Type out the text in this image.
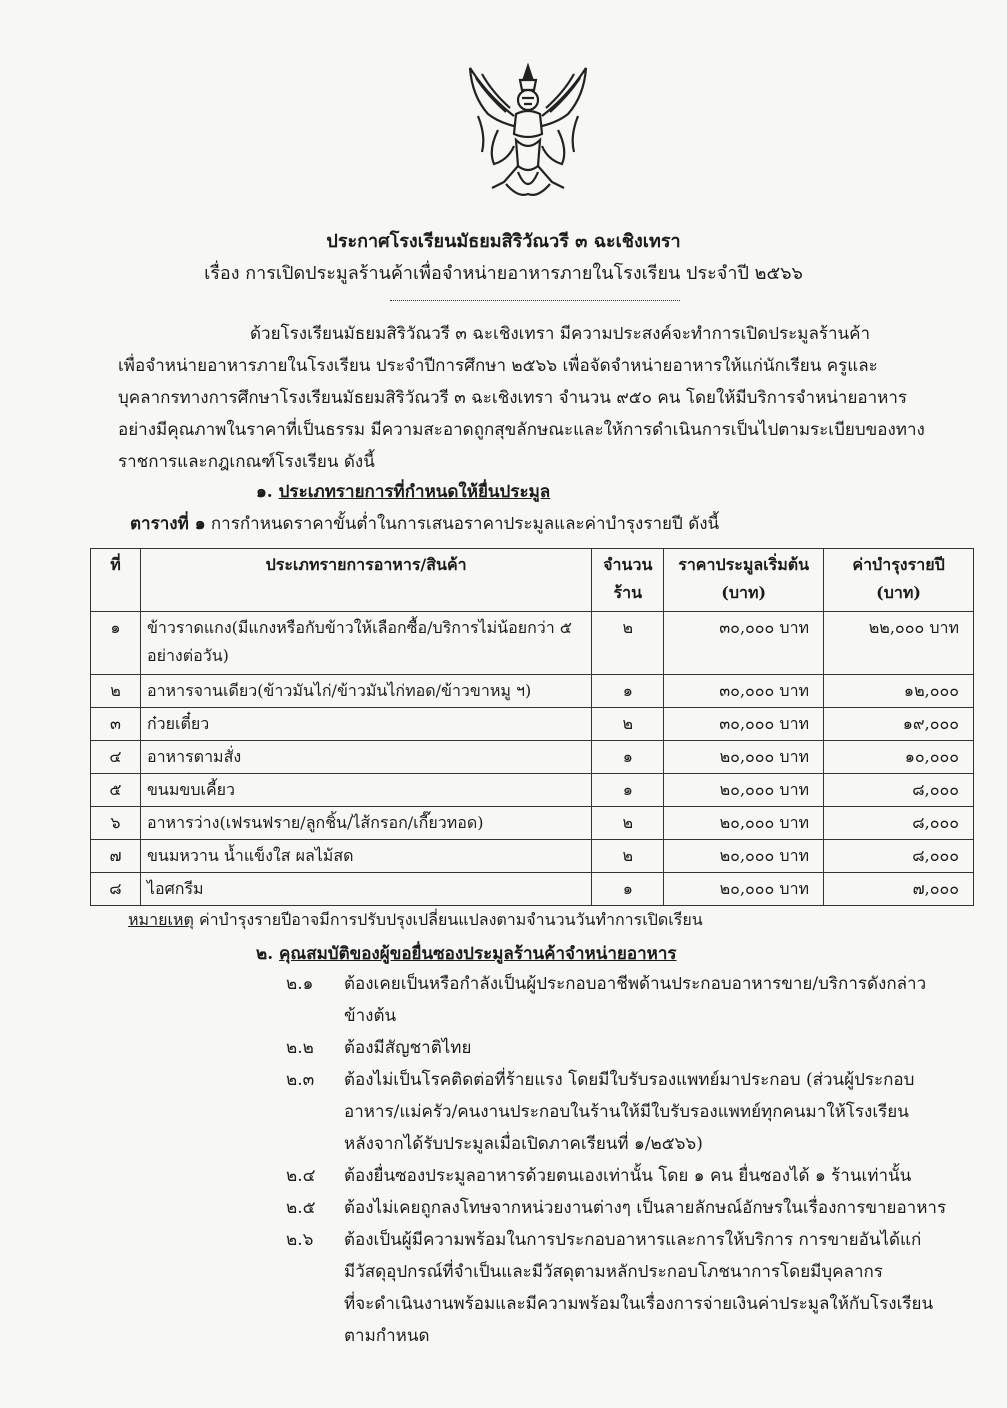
ประกาศโรงเรียนมัธยมสิริวัณวรี ๓ ฉะเชิงเทรา
เรื่อง การเปิดประมูลร้านค้าเพื่อจำหน่ายอาหารภายในโรงเรียน ประจำปี ๒๕๖๖
ด้วยโรงเรียนมัธยมสิริวัณวรี ๓ ฉะเชิงเทรา มีความประสงค์จะทำการเปิดประมูลร้านค้า
เพื่อจำหน่ายอาหารภายในโรงเรียน ประจำปีการศึกษา ๒๕๖๖ เพื่อจัดจำหน่ายอาหารให้แก่นักเรียน ครูและ
บุคลากรทางการศึกษาโรงเรียนมัธยมสิริวัณวรี ๓ ฉะเชิงเทรา จำนวน ๙๕๐ คน โดยให้มีบริการจำหน่ายอาหาร
อย่างมีคุณภาพในราคาที่เป็นธรรม มีความสะอาดถูกสุขลักษณะและให้การดำเนินการเป็นไปตามระเบียบของทาง
ราชการและกฎเกณฑ์โรงเรียน ดังนี้
๑. ประเภทรายการที่กำหนดให้ยื่นประมูล
ตารางที่ ๑ การกำหนดราคาขั้นต่ำในการเสนอราคาประมูลและค่าบำรุงรายปี ดังนี้
ที่	ประเภทรายการอาหาร/สินค้า	จำนวน ร้าน	ราคาประมูลเริ่มต้น (บาท)	ค่าบำรุงรายปี (บาท)
๑	ข้าวราดแกง(มีแกงหรือกับข้าวให้เลือกซื้อ/บริการไม่น้อยกว่า ๕ อย่างต่อวัน)	๒	๓๐,๐๐๐ บาท	๒๒,๐๐๐ บาท
๒	อาหารจานเดียว(ข้าวมันไก่/ข้าวมันไก่ทอด/ข้าวขาหมู ฯ)	๑	๓๐,๐๐๐ บาท	๑๒,๐๐๐
๓	ก๋วยเตี๋ยว	๒	๓๐,๐๐๐ บาท	๑๙,๐๐๐
๔	อาหารตามสั่ง	๑	๒๐,๐๐๐ บาท	๑๐,๐๐๐
๕	ขนมขบเคี้ยว	๑	๒๐,๐๐๐ บาท	๘,๐๐๐
๖	อาหารว่าง(เฟรนฟราย/ลูกชิ้น/ไส้กรอก/เกี๊ยวทอด)	๒	๒๐,๐๐๐ บาท	๘,๐๐๐
๗	ขนมหวาน น้ำแข็งใส ผลไม้สด	๒	๒๐,๐๐๐ บาท	๘,๐๐๐
๘	ไอศกรีม	๑	๒๐,๐๐๐ บาท	๗,๐๐๐
หมายเหตุ ค่าบำรุงรายปีอาจมีการปรับปรุงเปลี่ยนแปลงตามจำนวนวันทำการเปิดเรียน
๒. คุณสมบัติของผู้ขอยื่นซองประมูลร้านค้าจำหน่ายอาหาร
๒.๑	ต้องเคยเป็นหรือกำลังเป็นผู้ประกอบอาชีพด้านประกอบอาหารขาย/บริการดังกล่าว
ข้างต้น
๒.๒	ต้องมีสัญชาติไทย
๒.๓	ต้องไม่เป็นโรคติดต่อที่ร้ายแรง โดยมีใบรับรองแพทย์มาประกอบ (ส่วนผู้ประกอบ
อาหาร/แม่ครัว/คนงานประกอบในร้านให้มีใบรับรองแพทย์ทุกคนมาให้โรงเรียน
หลังจากได้รับประมูลเมื่อเปิดภาคเรียนที่ ๑/๒๕๖๖)
๒.๔	ต้องยื่นซองประมูลอาหารด้วยตนเองเท่านั้น โดย ๑ คน ยื่นซองได้ ๑ ร้านเท่านั้น
๒.๕	ต้องไม่เคยถูกลงโทษจากหน่วยงานต่างๆ เป็นลายลักษณ์อักษรในเรื่องการขายอาหาร
๒.๖	ต้องเป็นผู้มีความพร้อมในการประกอบอาหารและการให้บริการ การขายอันได้แก่
มีวัสดุอุปกรณ์ที่จำเป็นและมีวัสดุตามหลักประกอบโภชนาการโดยมีบุคลากร
ที่จะดำเนินงานพร้อมและมีความพร้อมในเรื่องการจ่ายเงินค่าประมูลให้กับโรงเรียน
ตามกำหนด
